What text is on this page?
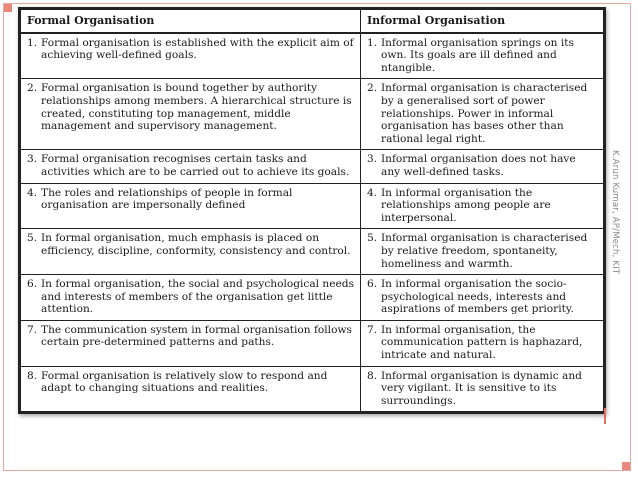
Formal Organisation	Informal Organisation

1. Formal organisation is established with the explicit aim of achieving well-defined goals.	1. Informal organisation springs on its own. Its goals are ill defined and ntangible.

2. Formal organisation is bound together by authority relationships among members. A hierarchical structure is created, constituting top management, middle management and supervisory management.	2. Informal organisation is characterised by a generalised sort of power relationships. Power in informal organisation has bases other than rational legal right.

3. Formal organisation recognises certain tasks and activities which are to be carried out to achieve its goals.	3. Informal organisation does not have any well-defined tasks.

4. The roles and relationships of people in formal organisation are impersonally defined	4. In informal organisation the relationships among people are interpersonal.

5. In formal organisation, much emphasis is placed on efficiency, discipline, conformity, consistency and control.	5. Informal organisation is characterised by relative freedom, spontaneity, homeliness and warmth.

6. In formal organisation, the social and psychological needs and interests of members of the organisation get little attention.	6. In informal organisation the socio-psychological needs, interests and aspirations of members get priority.

7. The communication system in formal organisation follows certain pre-determined patterns and paths.	7. In informal organisation, the communication pattern is haphazard, intricate and natural.

8. Formal organisation is relatively slow to respond and adapt to changing situations and realities.	8. Informal organisation is dynamic and very vigilant. It is sensitive to its surroundings.
K.Arun Kumar, AP/Mech, KIT
